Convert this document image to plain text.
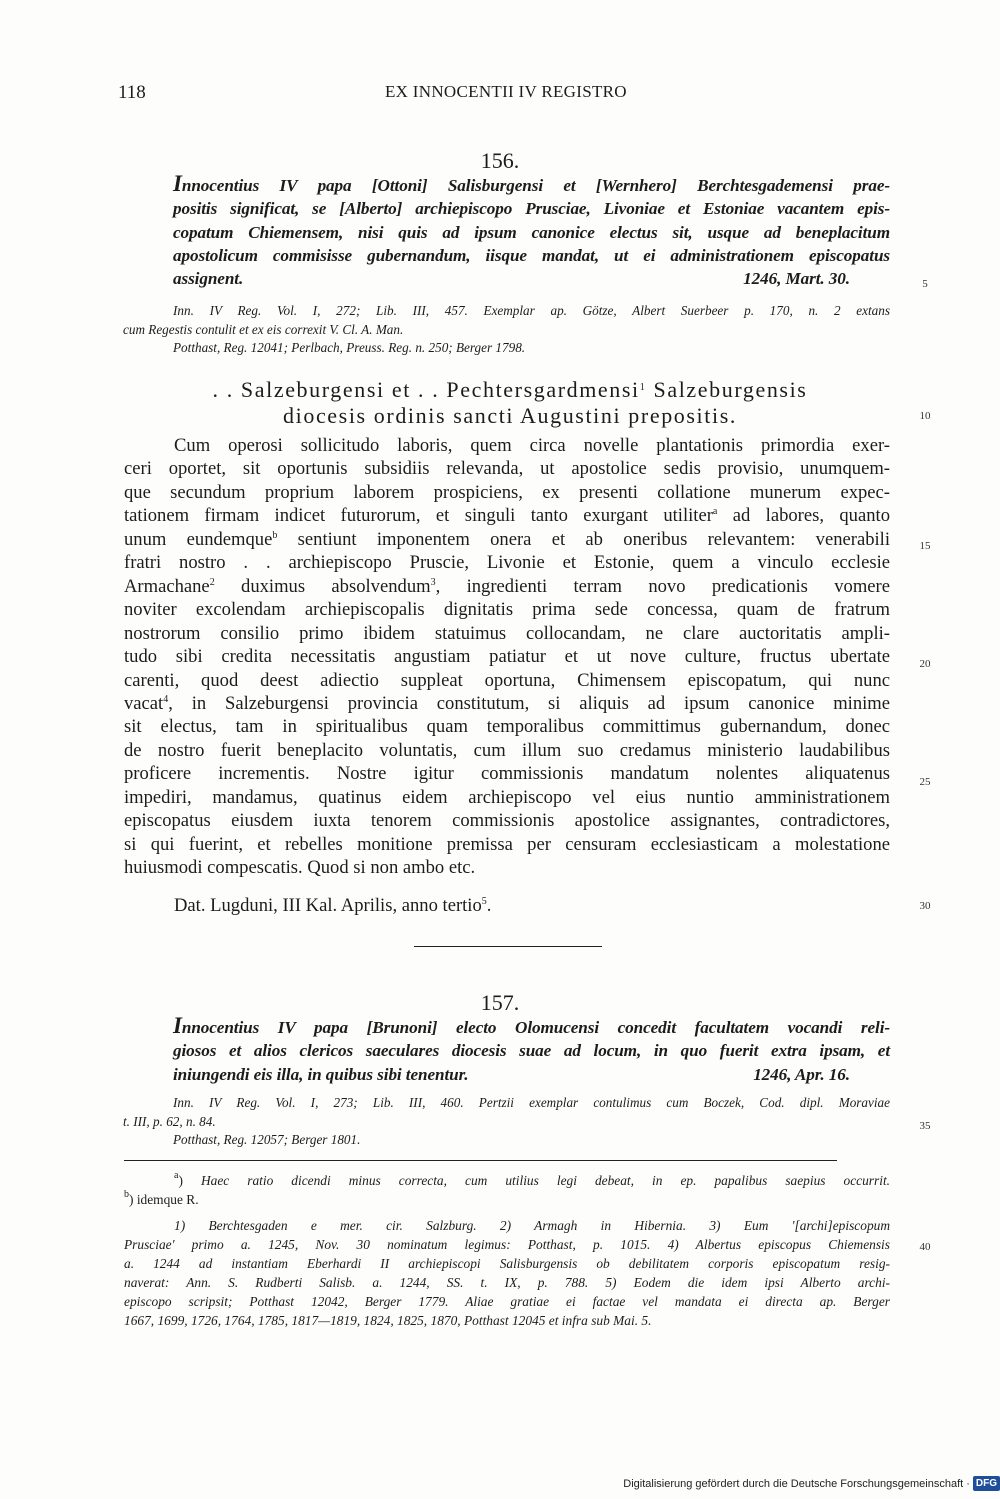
118	EX INNOCENTII IV REGISTRO
156.
Innocentius IV papa [Ottoni] Salisburgensi et [Wernhero] Berchtesgademensi prae-
positis significat, se [Alberto] archiepiscopo Prusciae, Livoniae et Estoniae vacantem epis-
copatum Chiemensem, nisi quis ad ipsum canonice electus sit, usque ad beneplacitum
apostolicum commisisse gubernandum, iisque mandat, ut ei administrationem episcopatus
assignent.	1246, Mart. 30.
Inn. IV Reg. Vol. I, 272; Lib. III, 457. Exemplar ap. Götze, Albert Suerbeer p. 170, n. 2 extans
cum Regestis contulit et ex eis correxit V. Cl. A. Man.
Potthast, Reg. 12041; Perlbach, Preuss. Reg. n. 250; Berger 1798.
. . Salzeburgensi et . . Pechtersgardmensi$^1$ Salzeburgensis
diocesis ordinis sancti Augustini prepositis.
Cum operosi sollicitudo laboris, quem circa novelle plantationis primordia exer-
ceri oportet, sit oportunis subsidiis relevanda, ut apostolice sedis provisio, unumquem-
que secundum proprium laborem prospiciens, ex presenti collatione munerum expec-
tationem firmam indicet futurorum, et singuli tanto exurgant utiliter$^a$ ad labores, quanto
unum eundemque$^b$ sentiunt imponentem onera et ab oneribus relevantem: venerabili
fratri nostro . . archiepiscopo Prusciе, Livonie et Estonie, quem a vinculo ecclesie
Armachane$^2$ duximus absolvendum$^3$, ingredienti terram novo predicationis vomere
noviter excolendam archiepiscopalis dignitatis prima sede concessa, quam de fratrum
nostrorum consilio primo ibidem statuimus collocandam, ne clare auctoritatis amplі-
tudo sibi credita necessitatis angustiam patiatur et ut nove culture, fructus ubertate
carenti, quod deest adiectio suppleat oportuna, Chimensem episcopatum, qui nunc
vacat$^4$, in Salzeburgensi provincia constitutum, si aliquis ad ipsum canonice minime
sit electus, tam in spiritualibus quam temporalibus committimus gubernandum, donec
de nostro fuerit beneplacito voluntatis, cum illum suo credamus ministerio laudabilibus
proficere incrementis. Nostre igitur commissionis mandatum nolentes aliquatenus
impediri, mandamus, quatinus eidem archiepiscopo vel eius nuntio amministrationem
episcopatus eiusdem iuxta tenorem commissionis apostolice assignantes, contradictores,
si qui fuerint, et rebelles monitione premissa per censuram ecclesiasticam a molestatione
huiusmodi compescatis. Quod si non ambo etc.
Dat. Lugduni, III Kal. Aprilis, anno tertio$^5$.
157.
Innocentius IV papa [Brunoni] electo Olomucensi concedit facultatem vocandi reli-
giosos et alios clericos saeculares diocesis suae ad locum, in quo fuerit extra ipsam, et
iniungendi eis illa, in quibus sibi tenentur.	1246, Apr. 16.
Inn. IV Reg. Vol. I, 273; Lib. III, 460. Pertzii exemplar contulimus cum Boczek, Cod. dipl. Moraviae
t. III, p. 62, n. 84.
Potthast, Reg. 12057; Berger 1801.
$^a$) Haec ratio dicendi minus correcta, cum utilius legi debeat, in ep. papalibus saepius occurrit.
$^b$) idemque R.
1) Berchtesgaden e mer. cir. Salzburg. 2) Armagh in Hibernia. 3) Eum '[archi]episcopum
Prusciae' primo a. 1245, Nov. 30 nominatum legimus: Potthast, p. 1015. 4) Albertus episcopus Chiemensis
a. 1244 ad instantiam Eberhardi II archiepiscopi Salisburgensis ob debilitatem corporis episcopatum resig-
naverat: Ann. S. Rudberti Salisb. a. 1244, SS. t. IX, p. 788. 5) Eodem die idem ipsi Alberto archi-
episcopo scripsit; Potthast 12042, Berger 1779. Aliae gratiae ei factae vel mandata ei directa ap. Berger
1667, 1699, 1726, 1764, 1785, 1817—1819, 1824, 1825, 1870, Potthast 12045 et infra sub Mai. 5.
5
10
15
20
25
30
35
40
Digitalisierung gefördert durch die Deutsche Forschungsgemeinschaft · DFG
